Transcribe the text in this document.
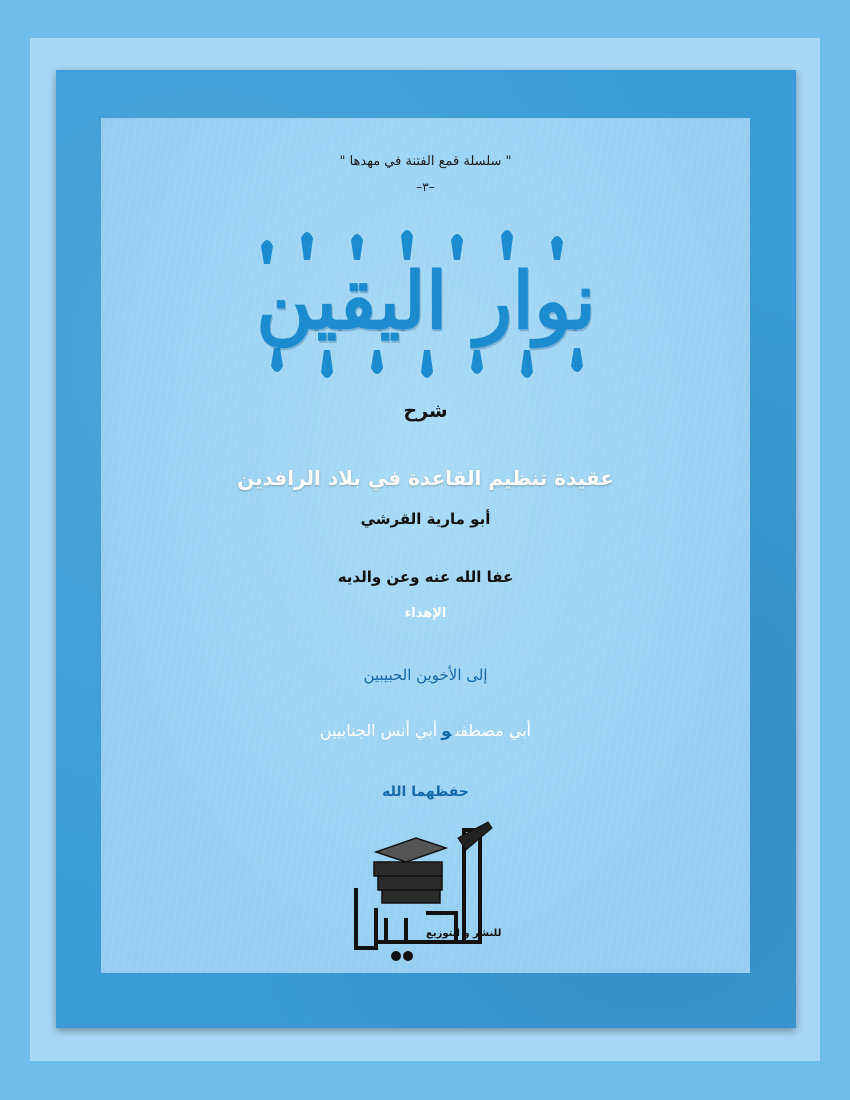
" سلسلة قمع الفتنة في مهدها "
–٣–
نوار اليقين
شرح
عقيدة تنظيم القاعدة في بلاد الرافدين
أبو مارية القرشي
عفا الله عنه وعن والديه
الإهداء
إلى الأخوين الحبيبين
أبي مصطفىوأبي أنس الجنابيين
حفظهما الله
للنشر و التوزيع
